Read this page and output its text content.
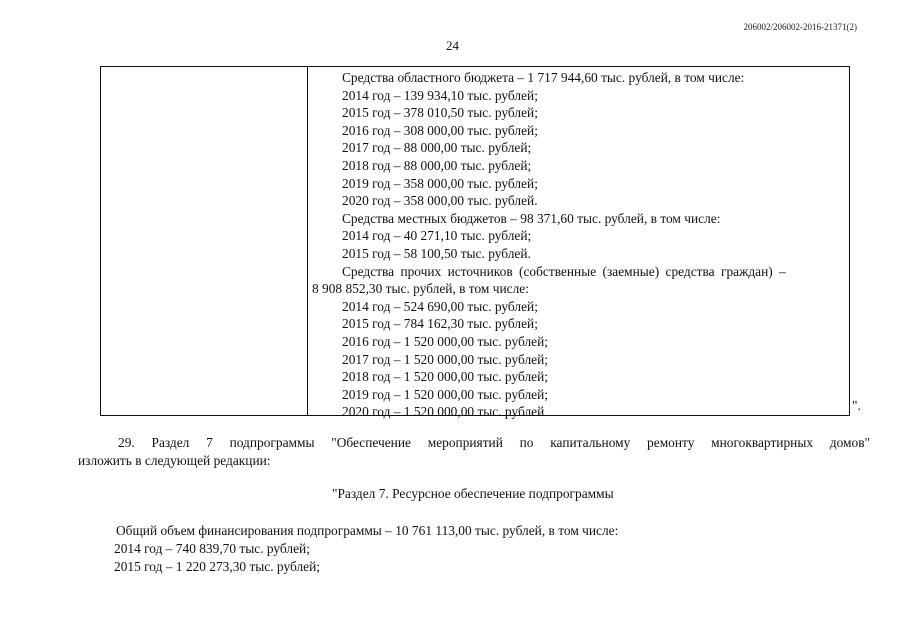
206002/206002-2016-21371(2)
24
Средства областного бюджета – 1 717 944,60 тыс. рублей, в том числе:
2014 год – 139 934,10 тыс. рублей;
2015 год – 378 010,50 тыс. рублей;
2016 год – 308 000,00 тыс. рублей;
2017 год – 88 000,00 тыс. рублей;
2018 год – 88 000,00 тыс. рублей;
2019 год – 358 000,00 тыс. рублей;
2020 год – 358 000,00 тыс. рублей.
Средства местных бюджетов – 98 371,60 тыс. рублей, в том числе:
2014 год – 40 271,10 тыс. рублей;
2015 год – 58 100,50 тыс. рублей.
Средства прочих источников (собственные (заемные) средства граждан) –
8 908 852,30 тыс. рублей, в том числе:
2014 год – 524 690,00 тыс. рублей;
2015 год – 784 162,30 тыс. рублей;
2016 год – 1 520 000,00 тыс. рублей;
2017 год – 1 520 000,00 тыс. рублей;
2018 год – 1 520 000,00 тыс. рублей;
2019 год – 1 520 000,00 тыс. рублей;
2020 год – 1 520 000,00 тыс. рублей	".
29. Раздел 7 подпрограммы "Обеспечение мероприятий по капитальному ремонту многоквартирных домов"
изложить в следующей редакции:
"Раздел 7. Ресурсное обеспечение подпрограммы
Общий объем финансирования подпрограммы – 10 761 113,00 тыс. рублей, в том числе:
2014 год – 740 839,70 тыс. рублей;
2015 год – 1 220 273,30 тыс. рублей;
